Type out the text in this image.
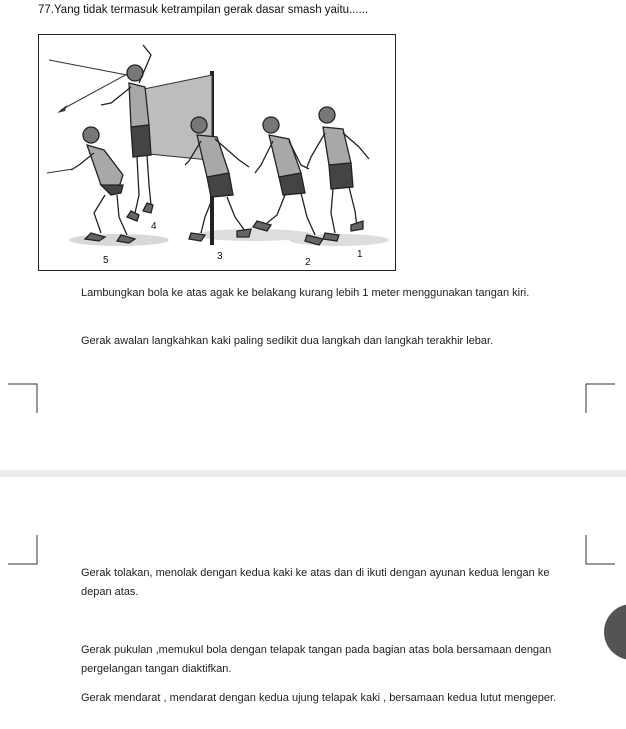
77.Yang tidak termasuk ketrampilan gerak dasar smash yaitu......
5
4
3
2
1

Lambungkan bola ke atas agak ke belakang kurang lebih 1 meter menggunakan tangan kiri.

Gerak awalan langkahkan kaki paling sedikit dua langkah dan langkah terakhir lebar.

Gerak tolakan, menolak dengan kedua kaki ke atas dan di ikuti dengan ayunan kedua lengan ke depan atas.

Gerak pukulan ,memukul bola dengan telapak tangan pada bagian atas bola bersamaan dengan pergelangan tangan diaktifkan.

Gerak mendarat , mendarat dengan kedua ujung telapak kaki , bersamaan kedua lutut mengeper.
